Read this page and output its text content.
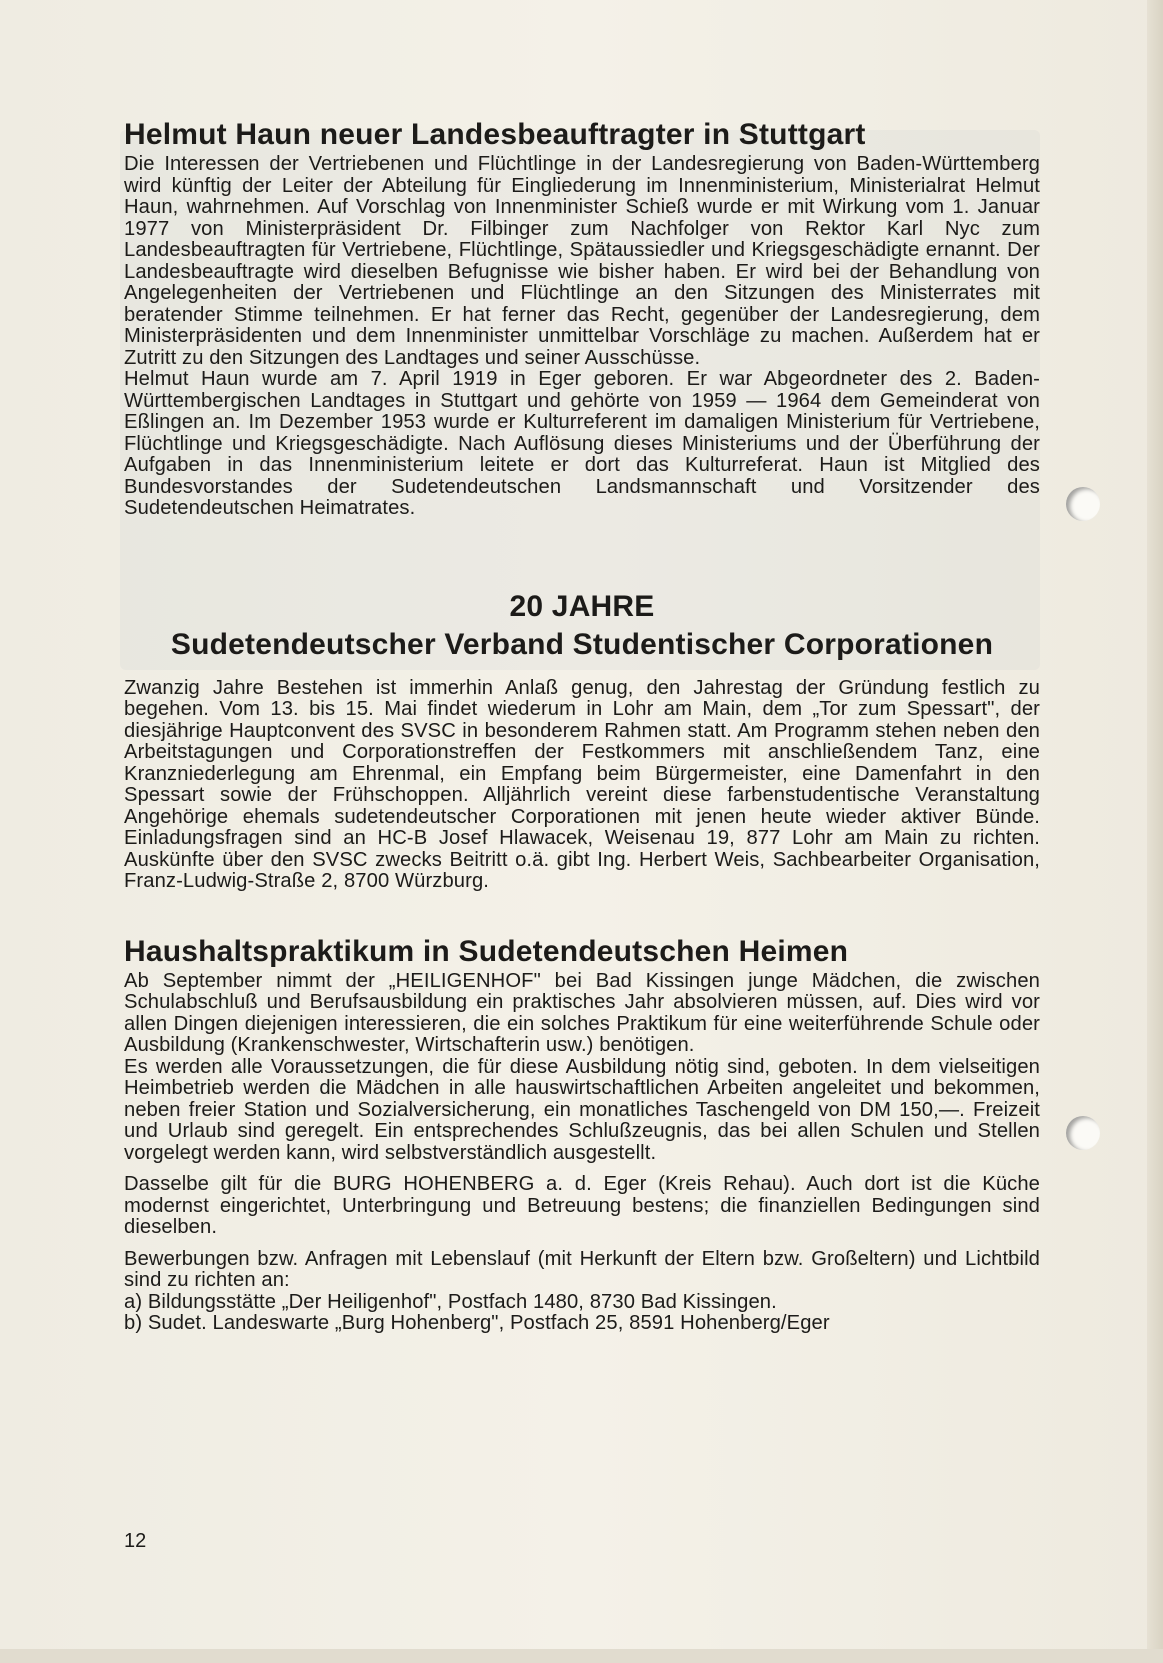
Helmut Haun neuer Landesbeauftragter in Stuttgart

Die Interessen der Vertriebenen und Flüchtlinge in der Landesregierung von Baden-Württemberg wird künftig der Leiter der Abteilung für Eingliederung im Innenministerium, Ministerialrat Helmut Haun, wahrnehmen. Auf Vorschlag von Innenminister Schieß wurde er mit Wirkung vom 1. Januar 1977 von Ministerpräsident Dr. Filbinger zum Nachfolger von Rektor Karl Nyc zum Landesbeauftragten für Vertriebene, Flüchtlinge, Spätaussiedler und Kriegsgeschädigte ernannt. Der Landesbeauftragte wird dieselben Befugnisse wie bisher haben. Er wird bei der Behandlung von Angelegenheiten der Vertriebenen und Flüchtlinge an den Sitzungen des Ministerrates mit beratender Stimme teilnehmen. Er hat ferner das Recht, gegenüber der Landesregierung, dem Ministerpräsidenten und dem Innenminister unmittelbar Vorschläge zu machen. Außerdem hat er Zutritt zu den Sitzungen des Landtages und seiner Ausschüsse.

Helmut Haun wurde am 7. April 1919 in Eger geboren. Er war Abgeordneter des 2. Baden-Württembergischen Landtages in Stuttgart und gehörte von 1959 — 1964 dem Gemeinderat von Eßlingen an. Im Dezember 1953 wurde er Kulturreferent im damaligen Ministerium für Vertriebene, Flüchtlinge und Kriegsgeschädigte. Nach Auflösung dieses Ministeriums und der Überführung der Aufgaben in das Innenministerium leitete er dort das Kulturreferat. Haun ist Mitglied des Bundesvorstandes der Sudetendeutschen Landsmannschaft und Vorsitzender des Sudetendeutschen Heimatrates.

20 JAHRE
Sudetendeutscher Verband Studentischer Corporationen

Zwanzig Jahre Bestehen ist immerhin Anlaß genug, den Jahrestag der Gründung festlich zu begehen. Vom 13. bis 15. Mai findet wiederum in Lohr am Main, dem „Tor zum Spessart", der diesjährige Hauptconvent des SVSC in besonderem Rahmen statt. Am Programm stehen neben den Arbeitstagungen und Corporationstreffen der Festkommers mit anschließendem Tanz, eine Kranzniederlegung am Ehrenmal, ein Empfang beim Bürgermeister, eine Damenfahrt in den Spessart sowie der Frühschoppen. Alljährlich vereint diese farbenstudentische Veranstaltung Angehörige ehemals sudetendeutscher Corporationen mit jenen heute wieder aktiver Bünde. Einladungsfragen sind an HC-B Josef Hlawacek, Weisenau 19, 877 Lohr am Main zu richten. Auskünfte über den SVSC zwecks Beitritt o.ä. gibt Ing. Herbert Weis, Sachbearbeiter Organisation, Franz-Ludwig-Straße 2, 8700 Würzburg.

Haushaltspraktikum in Sudetendeutschen Heimen

Ab September nimmt der „HEILIGENHOF" bei Bad Kissingen junge Mädchen, die zwischen Schulabschluß und Berufsausbildung ein praktisches Jahr absolvieren müssen, auf. Dies wird vor allen Dingen diejenigen interessieren, die ein solches Praktikum für eine weiterführende Schule oder Ausbildung (Krankenschwester, Wirtschafterin usw.) benötigen.

Es werden alle Voraussetzungen, die für diese Ausbildung nötig sind, geboten. In dem vielseitigen Heimbetrieb werden die Mädchen in alle hauswirtschaftlichen Arbeiten angeleitet und bekommen, neben freier Station und Sozialversicherung, ein monatliches Taschengeld von DM 150,—. Freizeit und Urlaub sind geregelt. Ein entsprechendes Schlußzeugnis, das bei allen Schulen und Stellen vorgelegt werden kann, wird selbstverständlich ausgestellt.

Dasselbe gilt für die BURG HOHENBERG a. d. Eger (Kreis Rehau). Auch dort ist die Küche modernst eingerichtet, Unterbringung und Betreuung bestens; die finanziellen Bedingungen sind dieselben.

Bewerbungen bzw. Anfragen mit Lebenslauf (mit Herkunft der Eltern bzw. Großeltern) und Lichtbild sind zu richten an:

a) Bildungsstätte „Der Heiligenhof", Postfach 1480, 8730 Bad Kissingen.

b) Sudet. Landeswarte „Burg Hohenberg", Postfach 25, 8591 Hohenberg/Eger

12
